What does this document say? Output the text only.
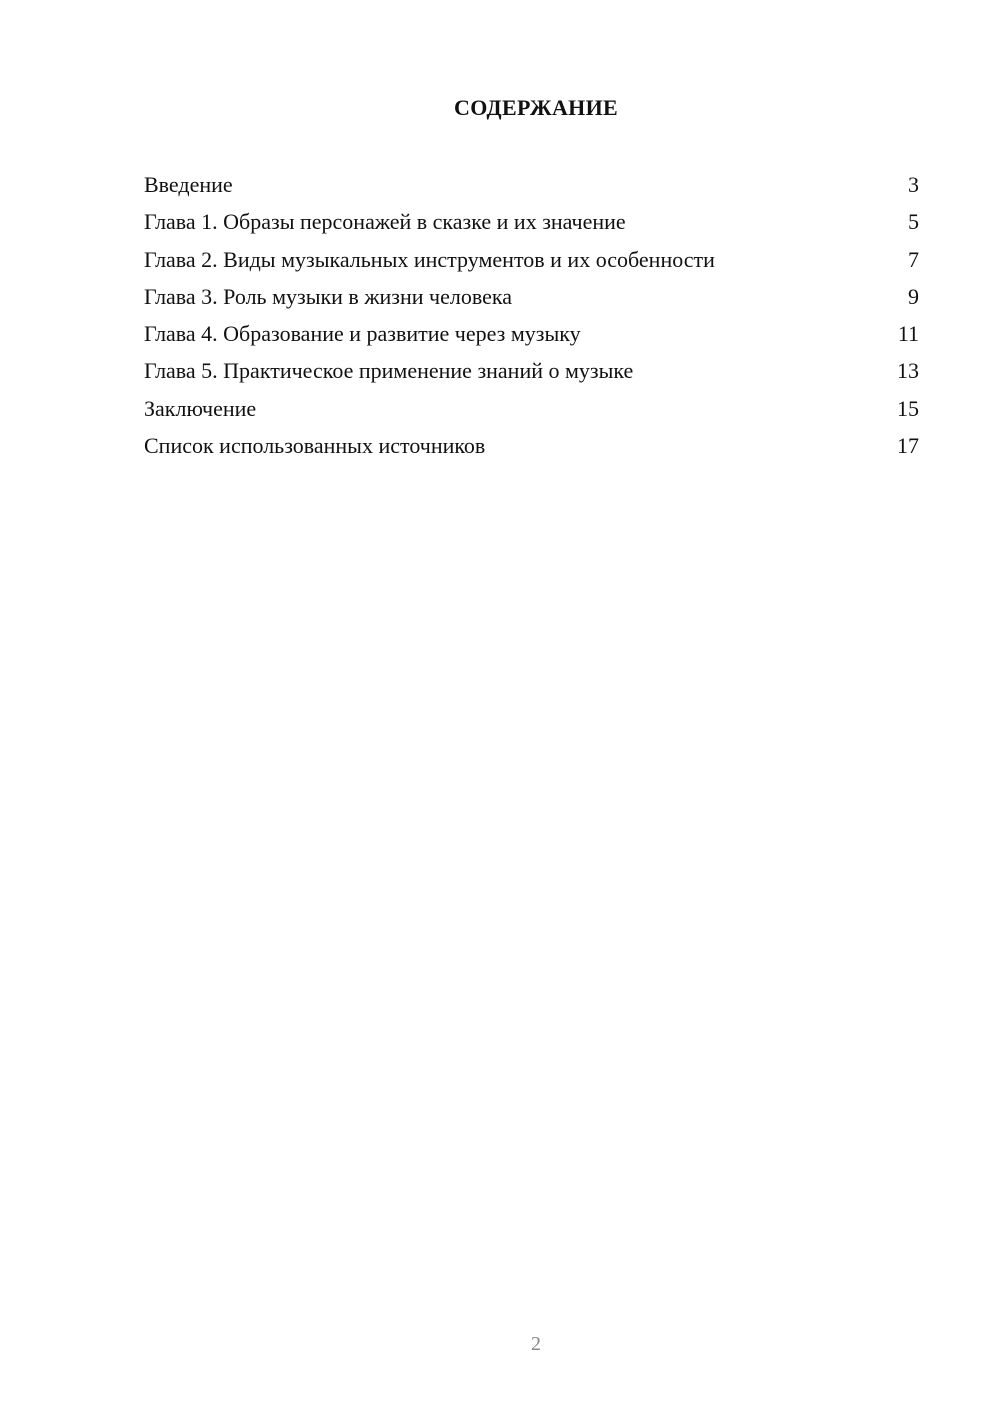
СОДЕРЖАНИЕ
Введение	3
Глава 1. Образы персонажей в сказке и их значение	5
Глава 2. Виды музыкальных инструментов и их особенности	7
Глава 3. Роль музыки в жизни человека	9
Глава 4. Образование и развитие через музыку	11
Глава 5. Практическое применение знаний о музыке	13
Заключение	15
Список использованных источников	17
2
